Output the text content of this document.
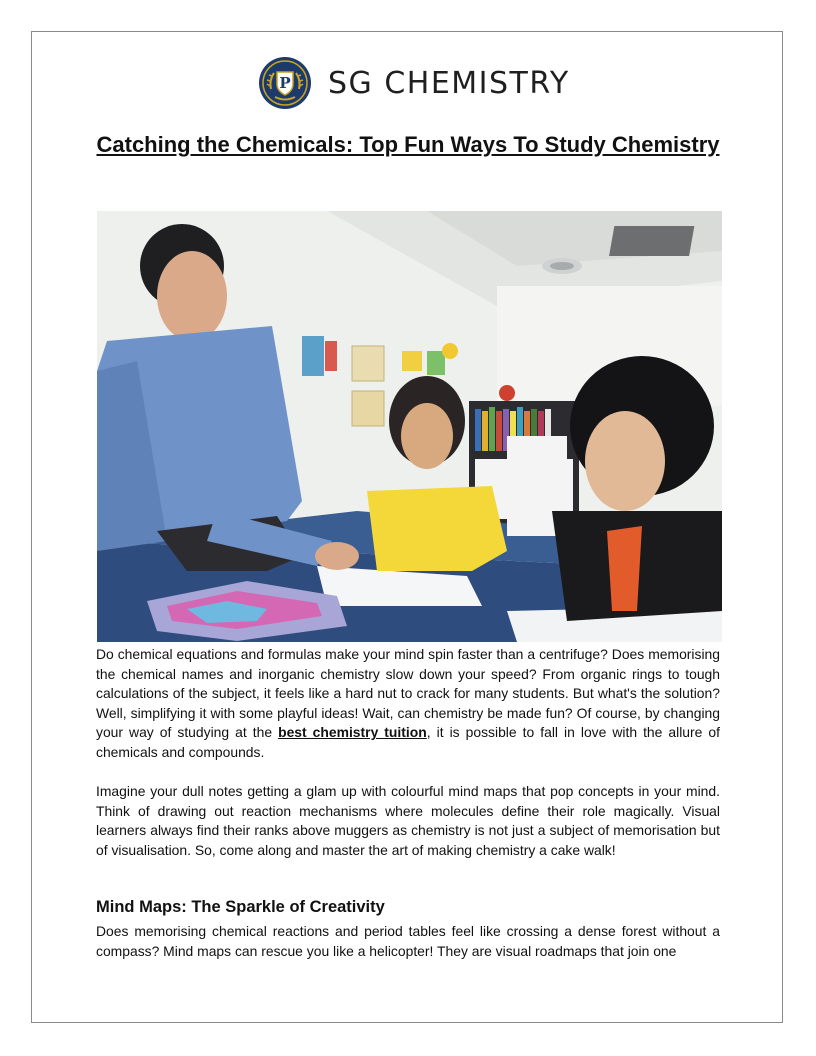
P SG CHEMISTRY
Catching the Chemicals: Top Fun Ways To Study Chemistry

Do chemical equations and formulas make your mind spin faster than a centrifuge? Does memorising the chemical names and inorganic chemistry slow down your speed? From organic rings to tough calculations of the subject, it feels like a hard nut to crack for many students. But what's the solution? Well, simplifying it with some playful ideas! Wait, can chemistry be made fun? Of course, by changing your way of studying at the best chemistry tuition, it is possible to fall in love with the allure of chemicals and compounds.

Imagine your dull notes getting a glam up with colourful mind maps that pop concepts in your mind. Think of drawing out reaction mechanisms where molecules define their role magically. Visual learners always find their ranks above muggers as chemistry is not just a subject of memorisation but of visualisation. So, come along and master the art of making chemistry a cake walk!

Mind Maps: The Sparkle of Creativity

Does memorising chemical reactions and period tables feel like crossing a dense forest without a compass? Mind maps can rescue you like a helicopter! They are visual roadmaps that join one
